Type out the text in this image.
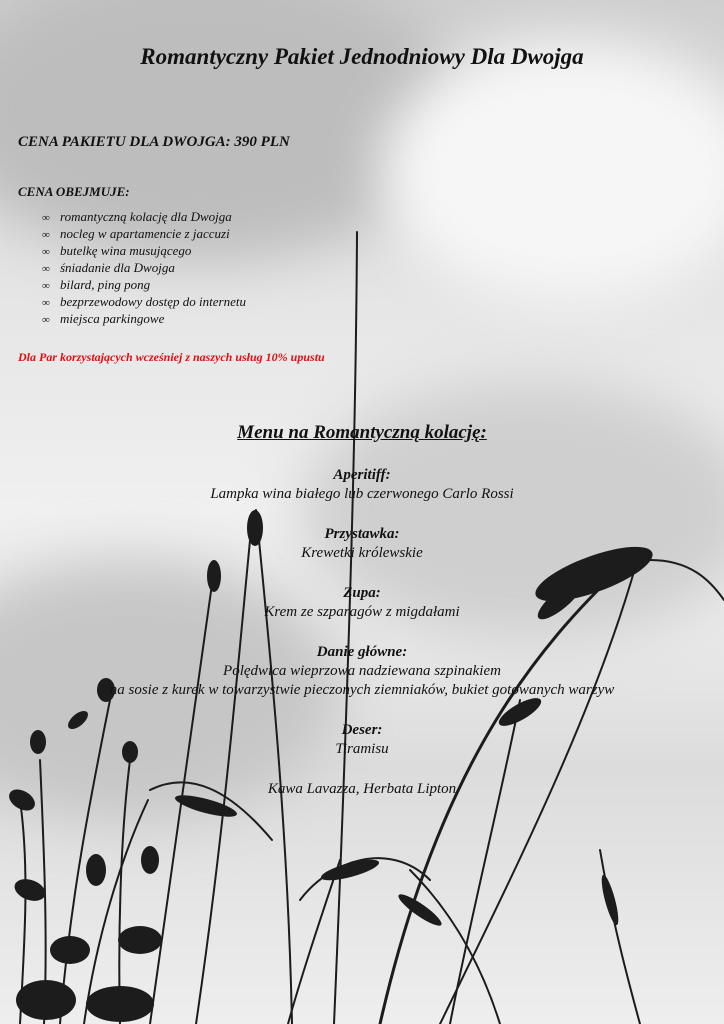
Romantyczny Pakiet Jednodniowy Dla Dwojga

CENA PAKIETU DLA DWOJGA: 390 PLN

CENA OBEJMUJE:

∞ romantyczną kolację dla Dwojga
∞ nocleg w apartamencie z jaccuzi
∞ butelkę wina musującego
∞ śniadanie dla Dwojga
∞ bilard, ping pong
∞ bezprzewodowy dostęp do internetu
∞ miejsca parkingowe

Dla Par korzystających wcześniej z naszych usług 10% upustu

Menu na Romantyczną kolację:
Aperitiff:
Lampka wina białego lub czerwonego Carlo Rossi
Przystawka:
Krewetki królewskie
Zupa:
Krem ze szparagów z migdałami
Danie główne:
Polędwica wieprzowa nadziewana szpinakiem
na sosie z kurek w towarzystwie pieczonych ziemniaków, bukiet gotowanych warzyw
Deser:
Tiramisu
Kawa Lavazza, Herbata Lipton
